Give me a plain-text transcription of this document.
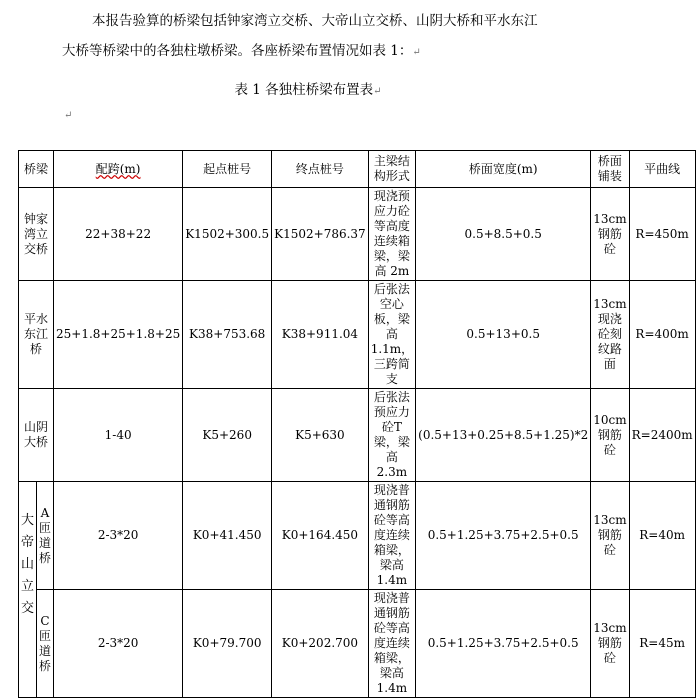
本报告验算的桥梁包括钟家湾立交桥、大帝山立交桥、山阴大桥和平水东江
大桥等桥梁中的各独柱墩桥梁。各座桥梁布置情况如表 1：↵
表 1 各独柱桥梁布置表↵
↵
桥梁		配跨(m)	起点桩号	终点桩号	主梁结构形式	桥面宽度(m)	桥面铺装	平曲线
钟家湾立交桥		22+38+22	K1502+300.5	K1502+786.37	现浇预应力砼等高度连续箱梁，梁高 2m	0.5+8.5+0.5	13cm 钢筋砼	R=450m
平水东江桥		25+1.8+25+1.8+25	K38+753.68	K38+911.04	后张法空心板，梁高 1.1m，三跨简支	0.5+13+0.5	13cm 现浇砼刻纹路面	R=400m
山阴大桥		1-40	K5+260	K5+630	后张法预应力砼T梁，梁高 2.3m	(0.5+13+0.25+8.5+1.25)*2	10cm 钢筋砼	R=2400m
大帝山立交	A 匝道桥	2-3*20	K0+41.450	K0+164.450	现浇普通钢筋砼等高度连续箱梁，梁高 1.4m	0.5+1.25+3.75+2.5+0.5	13cm 钢筋砼	R=40m
	C 匝道桥	2-3*20	K0+79.700	K0+202.700	现浇普通钢筋砼等高度连续箱梁，梁高 1.4m	0.5+1.25+3.75+2.5+0.5	13cm 钢筋砼	R=45m
